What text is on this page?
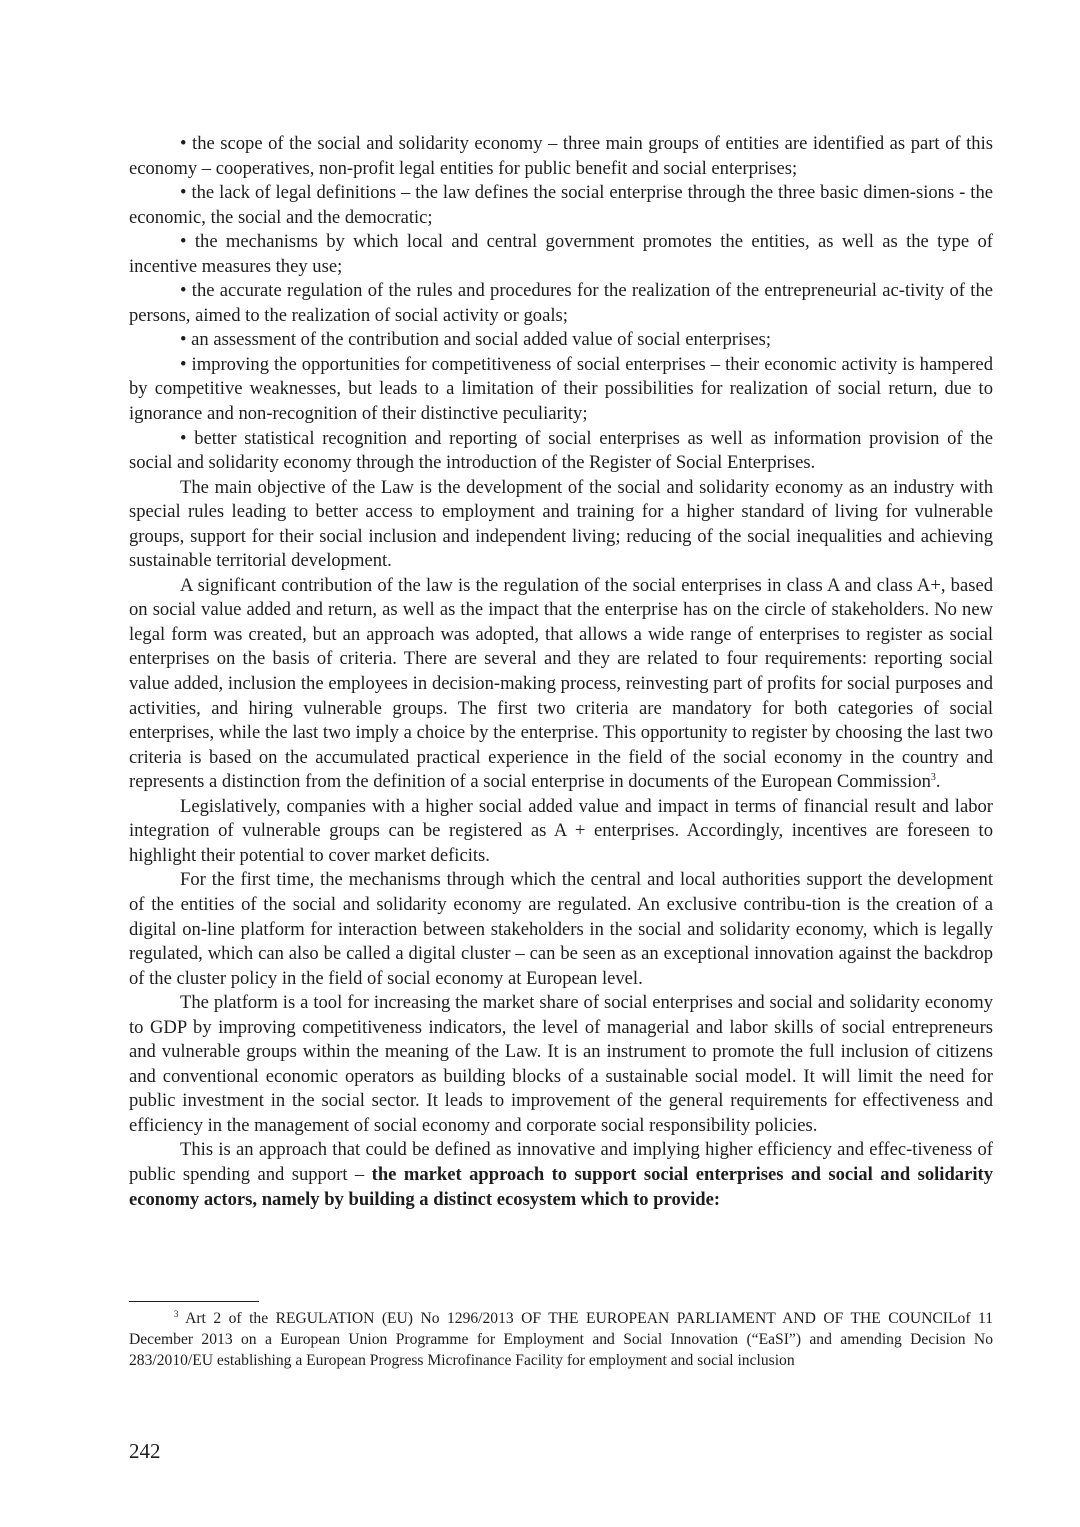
• the scope of the social and solidarity economy – three main groups of entities are identified as part of this economy – cooperatives, non-profit legal entities for public benefit and social enterprises;

• the lack of legal definitions – the law defines the social enterprise through the three basic dimen-sions - the economic, the social and the democratic;

• the mechanisms by which local and central government promotes the entities, as well as the type of incentive measures they use;

• the accurate regulation of the rules and procedures for the realization of the entrepreneurial ac-tivity of the persons, aimed to the realization of social activity or goals;

• an assessment of the contribution and social added value of social enterprises;

• improving the opportunities for competitiveness of social enterprises – their economic activity is hampered by competitive weaknesses, but leads to a limitation of their possibilities for realization of social return, due to ignorance and non-recognition of their distinctive peculiarity;

• better statistical recognition and reporting of social enterprises as well as information provision of the social and solidarity economy through the introduction of the Register of Social Enterprises.

The main objective of the Law is the development of the social and solidarity economy as an industry with special rules leading to better access to employment and training for a higher standard of living for vulnerable groups, support for their social inclusion and independent living; reducing of the social inequalities and achieving sustainable territorial development.

A significant contribution of the law is the regulation of the social enterprises in class A and class A+, based on social value added and return, as well as the impact that the enterprise has on the circle of stakeholders. No new legal form was created, but an approach was adopted, that allows a wide range of enterprises to register as social enterprises on the basis of criteria. There are several and they are related to four requirements: reporting social value added, inclusion the employees in decision-making process, reinvesting part of profits for social purposes and activities, and hiring vulnerable groups. The first two criteria are mandatory for both categories of social enterprises, while the last two imply a choice by the enterprise. This opportunity to register by choosing the last two criteria is based on the accumulated practical experience in the field of the social economy in the country and represents a distinction from the definition of a social enterprise in documents of the European Commission$^3$.

Legislatively, companies with a higher social added value and impact in terms of financial result and labor integration of vulnerable groups can be registered as A + enterprises. Accordingly, incentives are foreseen to highlight their potential to cover market deficits.

For the first time, the mechanisms through which the central and local authorities support the development of the entities of the social and solidarity economy are regulated. An exclusive contribu-tion is the creation of a digital on-line platform for interaction between stakeholders in the social and solidarity economy, which is legally regulated, which can also be called a digital cluster – can be seen as an exceptional innovation against the backdrop of the cluster policy in the field of social economy at European level.

The platform is a tool for increasing the market share of social enterprises and social and solidarity economy to GDP by improving competitiveness indicators, the level of managerial and labor skills of social entrepreneurs and vulnerable groups within the meaning of the Law. It is an instrument to promote the full inclusion of citizens and conventional economic operators as building blocks of a sustainable social model. It will limit the need for public investment in the social sector. It leads to improvement of the general requirements for effectiveness and efficiency in the management of social economy and corporate social responsibility policies.

This is an approach that could be defined as innovative and implying higher efficiency and effec-tiveness of public spending and support – the market approach to support social enterprises and social and solidarity economy actors, namely by building a distinct ecosystem which to provide:

$^3$ Art 2 of the REGULATION (EU) No 1296/2013 OF THE EUROPEAN PARLIAMENT AND OF THE COUNCILof 11 December 2013 on a European Union Programme for Employment and Social Innovation (“EaSI”) and amending Decision No 283/2010/EU establishing a European Progress Microfinance Facility for employment and social inclusion

242
